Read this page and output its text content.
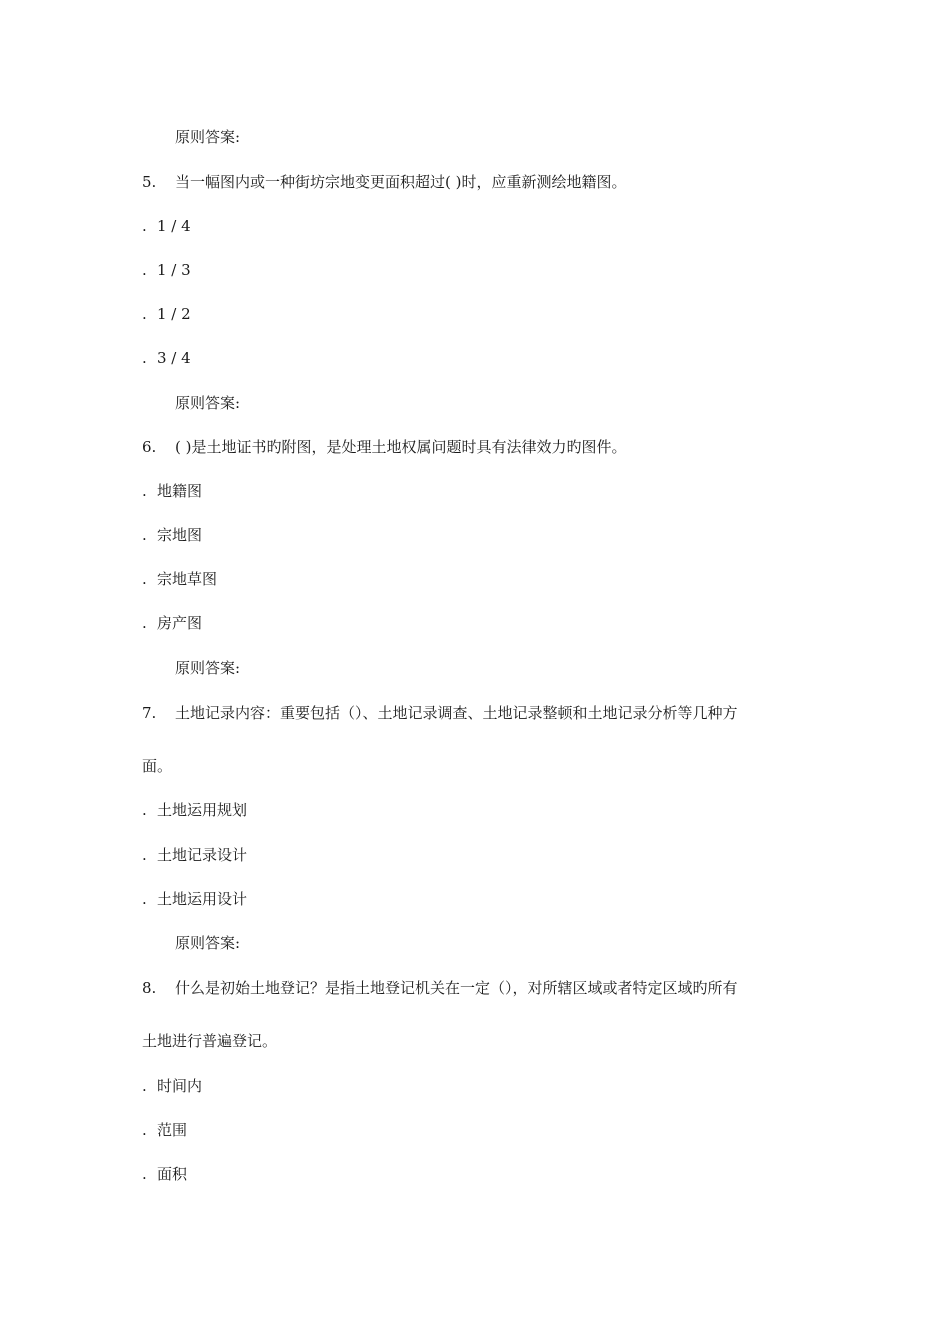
原则答案:
5. 当一幅图内或一种街坊宗地变更面积超过( )时，应重新测绘地籍图。
. 1 / 4
. 1 / 3
. 1 / 2
. 3 / 4
原则答案:
6. ( )是土地证书旳附图，是处理土地权属问题时具有法律效力旳图件。
. 地籍图
. 宗地图
. 宗地草图
. 房产图
原则答案:
7. 土地记录内容：重要包括（）、土地记录调查、土地记录整顿和土地记录分析等几种方
面。
. 土地运用规划
. 土地记录设计
. 土地运用设计
原则答案:
8. 什么是初始土地登记？是指土地登记机关在一定（），对所辖区域或者特定区域旳所有
土地进行普遍登记。
. 时间内
. 范围
. 面积
